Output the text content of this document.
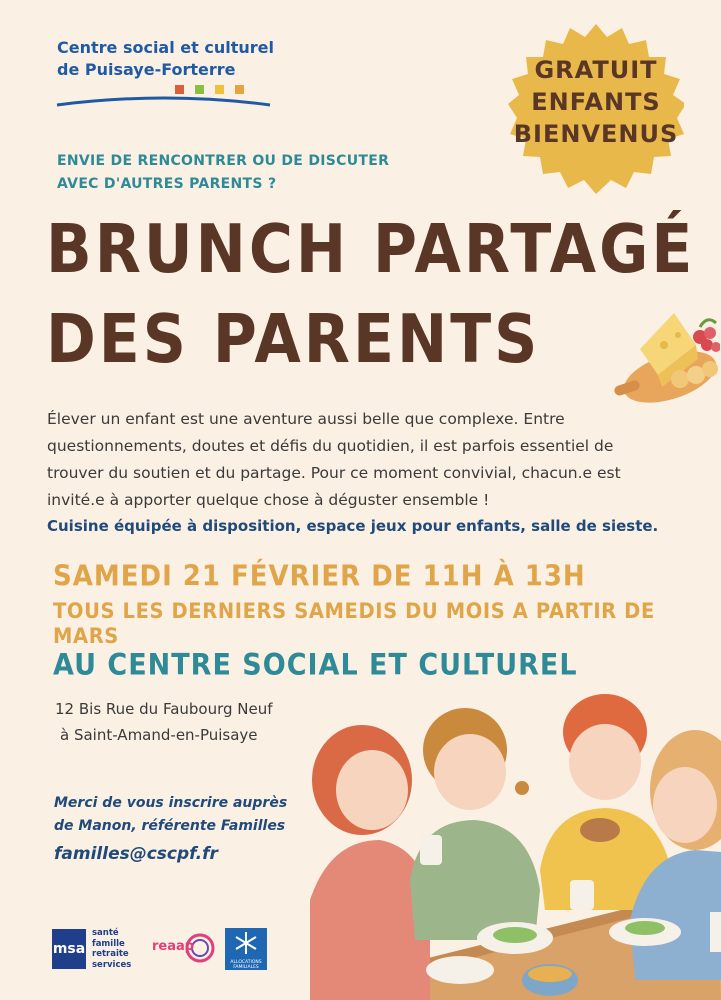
Centre social et culturel
de Puisaye-Forterre	GRATUIT
ENFANTS
BIENVENUS
ENVIE DE RENCONTRER OU DE DISCUTER
AVEC D'AUTRES PARENTS ?
BRUNCH PARTAGÉ
DES PARENTS
Élever un enfant est une aventure aussi belle que complexe. Entre
questionnements, doutes et défis du quotidien, il est parfois essentiel de
trouver du soutien et du partage. Pour ce moment convivial, chacun.e est
invité.e à apporter quelque chose à déguster ensemble !
Cuisine équipée à disposition, espace jeux pour enfants, salle de sieste.
SAMEDI 21 FÉVRIER DE 11H À 13H
TOUS LES DERNIERS SAMEDIS DU MOIS A PARTIR DE MARS
AU CENTRE SOCIAL ET CULTUREL
12 Bis Rue du Faubourg Neuf
à Saint-Amand-en-Puisaye
Merci de vous inscrire auprès
de Manon, référente Familles
familles@cscpf.fr
msa
santé
famille
retraite
services
reaap
ALLOCATIONS FAMILIALES
